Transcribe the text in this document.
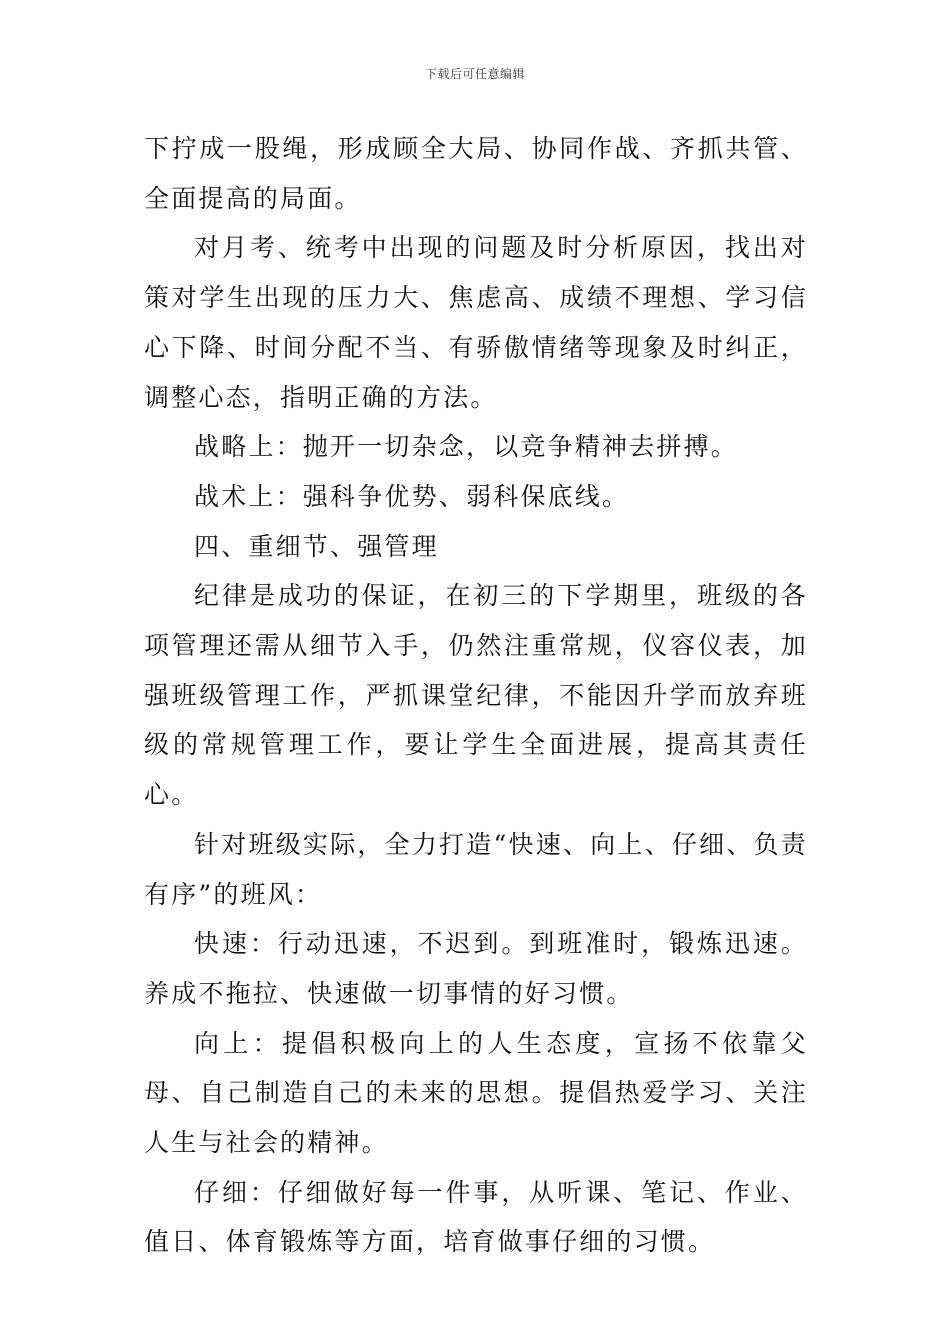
下载后可任意编辑

下拧成一股绳，形成顾全大局、协同作战、齐抓共管、全面提高的局面。

对月考、统考中出现的问题及时分析原因，找出对策对学生出现的压力大、焦虑高、成绩不理想、学习信心下降、时间分配不当、有骄傲情绪等现象及时纠正，调整心态，指明正确的方法。

战略上：抛开一切杂念，以竞争精神去拼搏。

战术上：强科争优势、弱科保底线。

四、重细节、强管理

纪律是成功的保证，在初三的下学期里，班级的各项管理还需从细节入手，仍然注重常规，仪容仪表，加强班级管理工作，严抓课堂纪律，不能因升学而放弃班级的常规管理工作，要让学生全面进展，提高其责任心。

针对班级实际，全力打造“快速、向上、仔细、负责有序”的班风：

快速：行动迅速，不迟到。到班准时，锻炼迅速。养成不拖拉、快速做一切事情的好习惯。

向上：提倡积极向上的人生态度，宣扬不依靠父母、自己制造自己的未来的思想。提倡热爱学习、关注人生与社会的精神。

仔细：仔细做好每一件事，从听课、笔记、作业、值日、体育锻炼等方面，培育做事仔细的习惯。
